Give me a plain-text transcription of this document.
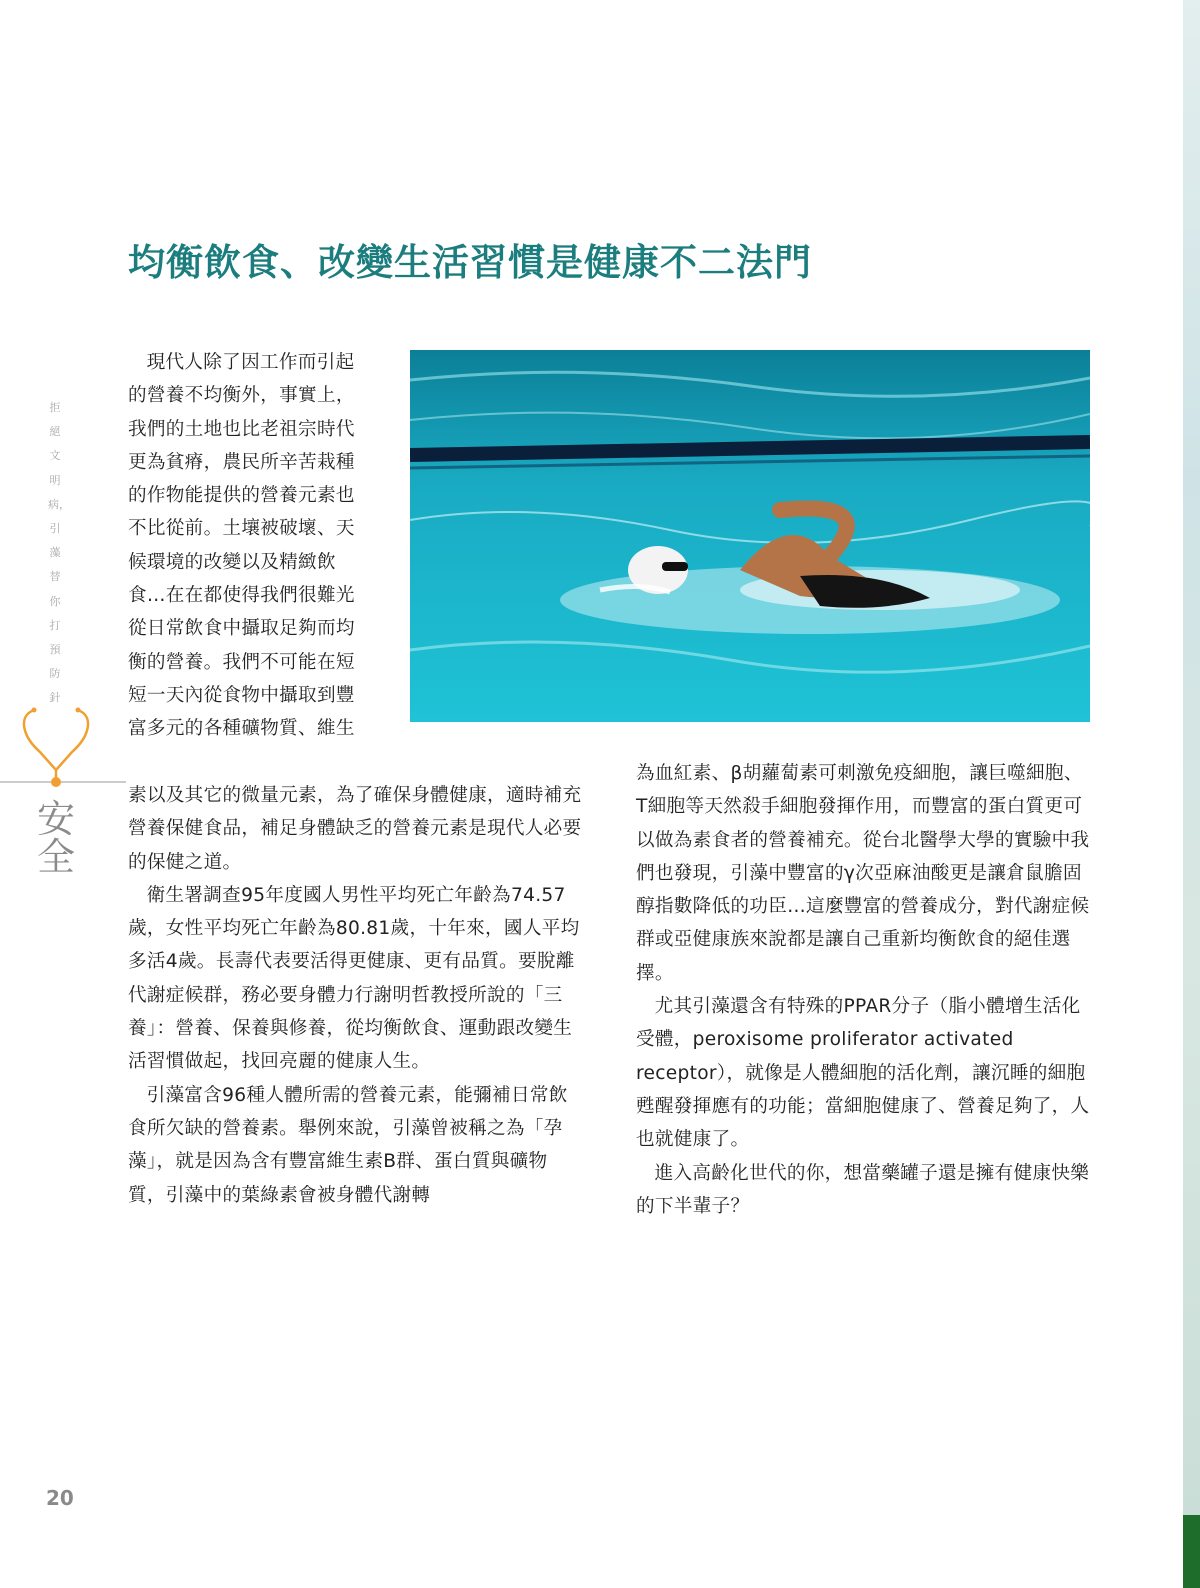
拒絕文明病，引藻替你打預防針
安全
均衡飲食、改變生活習慣是健康不二法門

現代人除了因工作而引起的營養不均衡外，事實上，我們的土地也比老祖宗時代更為貧瘠，農民所辛苦栽種的作物能提供的營養元素也不比從前。土壤被破壞、天候環境的改變以及精緻飲食…在在都使得我們很難光從日常飲食中攝取足夠而均衡的營養。我們不可能在短短一天內從食物中攝取到豐富多元的各種礦物質、維生

素以及其它的微量元素，為了確保身體健康，適時補充營養保健食品，補足身體缺乏的營養元素是現代人必要的保健之道。

衛生署調查95年度國人男性平均死亡年齡為74.57歲，女性平均死亡年齡為80.81歲，十年來，國人平均多活4歲。長壽代表要活得更健康、更有品質。要脫離代謝症候群，務必要身體力行謝明哲教授所說的「三養」：營養、保養與修養，從均衡飲食、運動跟改變生活習慣做起，找回亮麗的健康人生。

引藻富含96種人體所需的營養元素，能彌補日常飲食所欠缺的營養素。舉例來說，引藻曾被稱之為「孕藻」，就是因為含有豐富維生素B群、蛋白質與礦物質，引藻中的葉綠素會被身體代謝轉

為血紅素、β胡蘿蔔素可刺激免疫細胞，讓巨噬細胞、T細胞等天然殺手細胞發揮作用，而豐富的蛋白質更可以做為素食者的營養補充。從台北醫學大學的實驗中我們也發現，引藻中豐富的γ次亞麻油酸更是讓倉鼠膽固醇指數降低的功臣…這麼豐富的營養成分，對代謝症候群或亞健康族來說都是讓自己重新均衡飲食的絕佳選擇。

尤其引藻還含有特殊的PPAR分子（脂小體增生活化受體，peroxisome proliferator activated receptor），就像是人體細胞的活化劑，讓沉睡的細胞甦醒發揮應有的功能；當細胞健康了、營養足夠了，人也就健康了。

進入高齡化世代的你，想當藥罐子還是擁有健康快樂的下半輩子？

20
